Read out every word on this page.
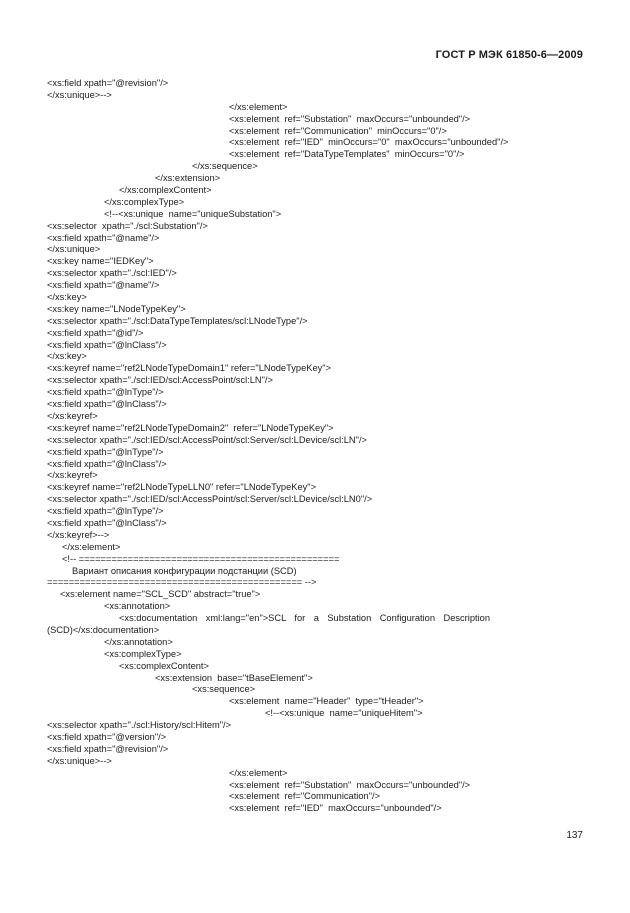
ГОСТ Р МЭК 61850-6—2009
<xs:field xpath="@revision"/>
</xs:unique>-->
</xs:element>
<xs:element  ref="Substation"  maxOccurs="unbounded"/>
<xs:element  ref="Communication"  minOccurs="0"/>
<xs:element  ref="IED"  minOccurs="0"  maxOccurs="unbounded"/>
<xs:element  ref="DataTypeTemplates"  minOccurs="0"/>
</xs:sequence>
</xs:extension>
</xs:complexContent>
</xs:complexType>
<!--<xs:unique  name="uniqueSubstation">
<xs:selector  xpath="./scl:Substation"/>
<xs:field xpath="@name"/>
</xs:unique>
<xs:key name="IEDKey">
<xs:selector xpath="./scl:IED"/>
<xs:field xpath="@name"/>
</xs:key>
<xs:key name="LNodeTypeKey">
<xs:selector xpath="./scl:DataTypeTemplates/scl:LNodeType"/>
<xs:field xpath="@id"/>
<xs:field xpath="@lnClass"/>
</xs:key>
<xs:keyref name="ref2LNodeTypeDomain1" refer="LNodeTypeKey">
<xs:selector xpath="./scl:IED/scl:AccessPoint/scl:LN"/>
<xs:field xpath="@lnType"/>
<xs:field xpath="@lnClass"/>
</xs:keyref>
<xs:keyref name="ref2LNodeTypeDomain2"  refer="LNodeTypeKey">
<xs:selector xpath="./scl:IED/scl:AccessPoint/scl:Server/scl:LDevice/scl:LN"/>
<xs:field xpath="@lnType"/>
<xs:field xpath="@lnClass"/>
</xs:keyref>
<xs:keyref name="ref2LNodeTypeLLN0" refer="LNodeTypeKey">
<xs:selector xpath="./scl:IED/scl:AccessPoint/scl:Server/scl:LDevice/scl:LN0"/>
<xs:field xpath="@lnType"/>
<xs:field xpath="@lnClass"/>
</xs:keyref>-->
</xs:element>
<!-- ================================================
Вариант описания конфигурации подстанции (SCD)
=============================================== -->
<xs:element name="SCL_SCD" abstract="true">
<xs:annotation>
<xs:documentation  xml:lang="en">SCL  for  a  Substation  Configuration  Description
(SCD)</xs:documentation>
</xs:annotation>
<xs:complexType>
<xs:complexContent>
<xs:extension  base="tBaseElement">
<xs:sequence>
<xs:element  name="Header"  type="tHeader">
<!--<xs:unique  name="uniqueHitem">
<xs:selector xpath="./scl:History/scl:Hitem"/>
<xs:field xpath="@version"/>
<xs:field xpath="@revision"/>
</xs:unique>-->
</xs:element>
<xs:element  ref="Substation"  maxOccurs="unbounded"/>
<xs:element  ref="Communication"/>
<xs:element  ref="IED"  maxOccurs="unbounded"/>
137
